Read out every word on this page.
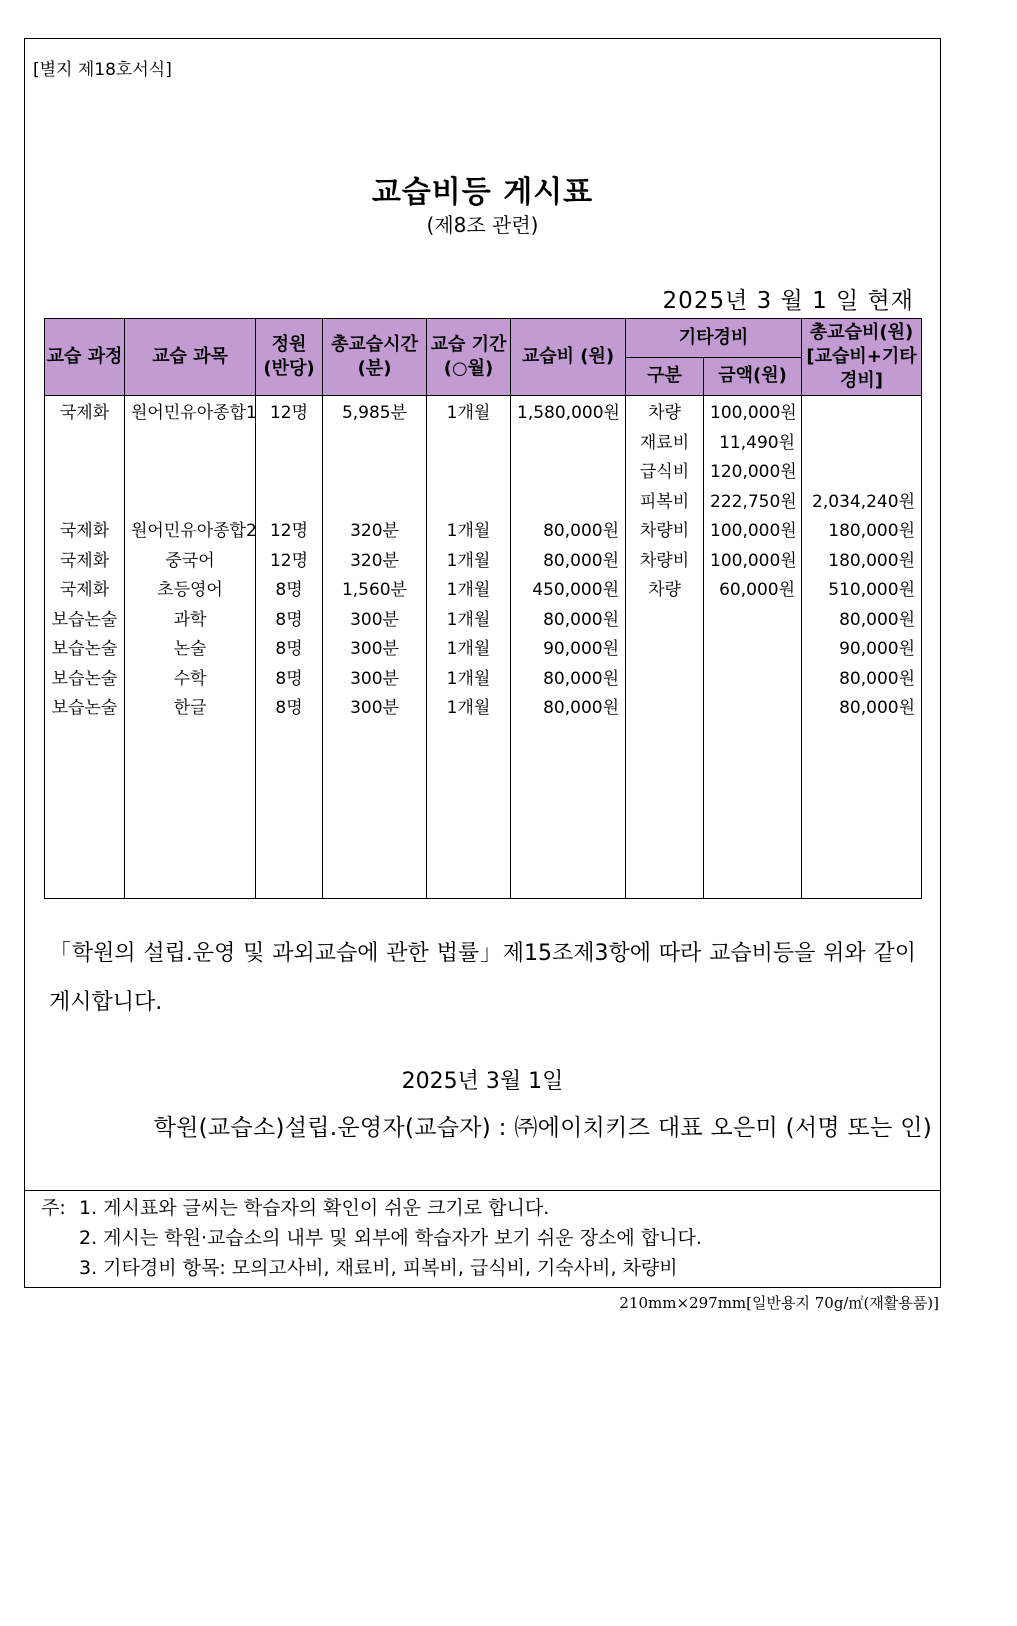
[별지 제18호서식]
교습비등 게시표
(제8조 관련)
2025년 3 월 1 일 현재
교습 과정	교습 과목	정원 (반당)	총교습시간 (분)	교습 기간 (○월)	교습비 (원)	기타경비		총교습비(원) [교습비+기타 경비]
						구분	금액(원)	
국제화	원어민유아종합1	12명	5,985분	1개월	1,580,000원	차량	100,000원	
						재료비	11,490원	
						급식비	120,000원	
						피복비	222,750원	2,034,240원
국제화	원어민유아종합2	12명	320분	1개월	80,000원	차량비	100,000원	180,000원
국제화	중국어	12명	320분	1개월	80,000원	차량비	100,000원	180,000원
국제화	초등영어	8명	1,560분	1개월	450,000원	차량	60,000원	510,000원
보습논술	과학	8명	300분	1개월	80,000원			80,000원
보습논술	논술	8명	300분	1개월	90,000원			90,000원
보습논술	수학	8명	300분	1개월	80,000원			80,000원
보습논술	한글	8명	300분	1개월	80,000원			80,000원

「학원의 설립.운영 및 과외교습에 관한 법률」제15조제3항에 따라 교습비등을 위와 같이 게시합니다.
2025년 3월 1일
학원(교습소)설립.운영자(교습자) : ㈜에이치키즈 대표 오은미 (서명 또는 인)
주: 1. 게시표와 글씨는 학습자의 확인이 쉬운 크기로 합니다.
2. 게시는 학원·교습소의 내부 및 외부에 학습자가 보기 쉬운 장소에 합니다.
3. 기타경비 항목: 모의고사비, 재료비, 피복비, 급식비, 기숙사비, 차량비
210mm×297mm[일반용지 70g/㎡(재활용품)]
